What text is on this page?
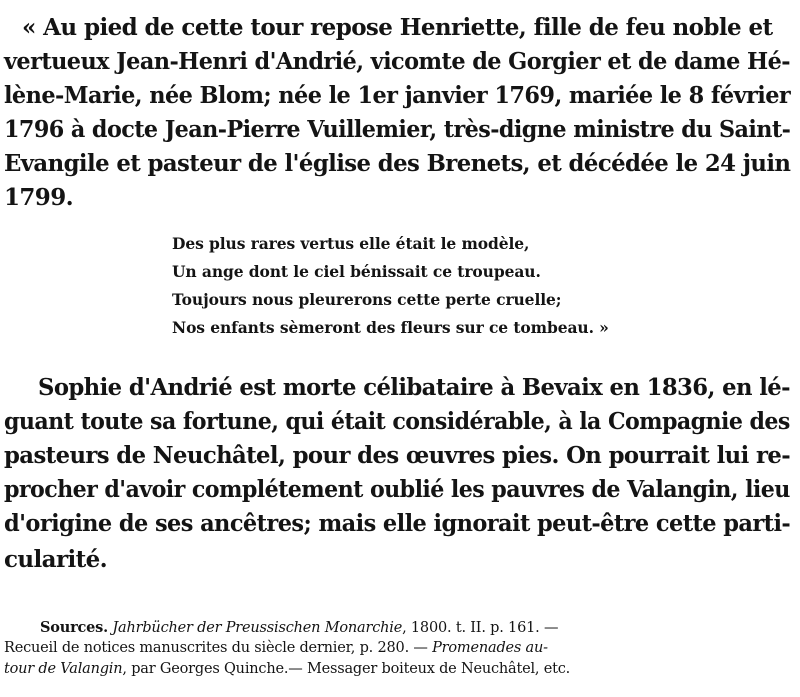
« Au pied de cette tour repose Henriette, fille de feu noble et

vertueux Jean-Henri d'Andrié, vicomte de Gorgier et de dame Hé-

lène-Marie, née Blom; née le 1er janvier 1769, mariée le 8 février

1796 à docte Jean-Pierre Vuillemier, très-digne ministre du Saint-

Evangile et pasteur de l'église des Brenets, et décédée le 24 juin

1799.

Des plus rares vertus elle était le modèle,

Un ange dont le ciel bénissait ce troupeau.

Toujours nous pleurerons cette perte cruelle;

Nos enfants sèmeront des fleurs sur ce tombeau. »

Sophie d'Andrié est morte célibataire à Bevaix en 1836, en lé-

guant toute sa fortune, qui était considérable, à la Compagnie des

pasteurs de Neuchâtel, pour des œuvres pies. On pourrait lui re-

procher d'avoir complétement oublié les pauvres de Valangin, lieu

d'origine de ses ancêtres; mais elle ignorait peut-être cette parti-

cularité.

Sources. Jahrbücher der Preussischen Monarchie, 1800. t. II. p. 161. —

Recueil de notices manuscrites du siècle dernier, p. 280. — Promenades au-

tour de Valangin, par Georges Quinche.— Messager boiteux de Neuchâtel, etc.
